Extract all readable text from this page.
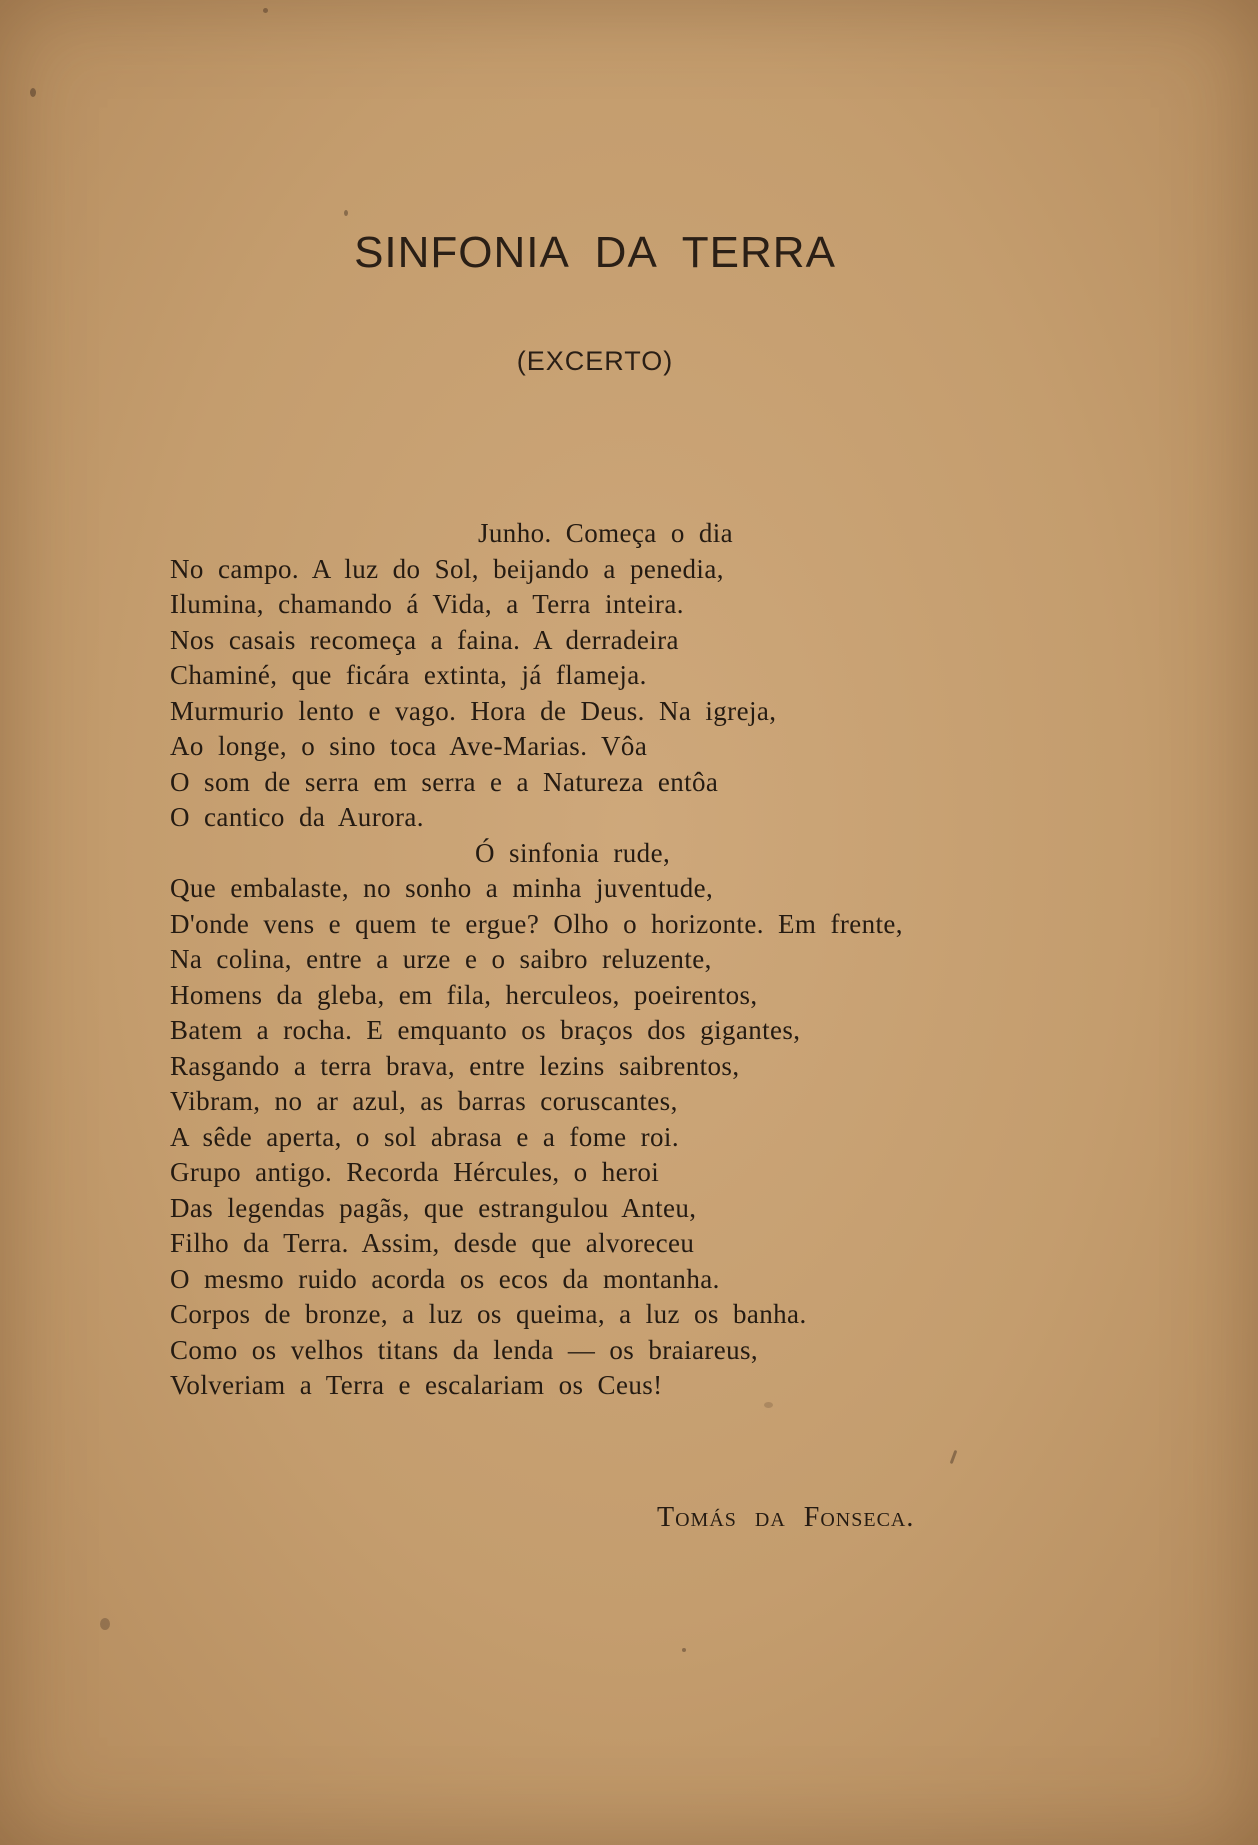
SINFONIA DA TERRA
(EXCERTO)
Junho. Começa o dia
No campo. A luz do Sol, beijando a penedia,
Ilumina, chamando á Vida, a Terra inteira.
Nos casais recomeça a faina. A derradeira
Chaminé, que ficára extinta, já flameja.
Murmurio lento e vago. Hora de Deus. Na igreja,
Ao longe, o sino toca Ave-Marias. Vôa
O som de serra em serra e a Natureza entôa
O cantico da Aurora.
Ó sinfonia rude,
Que embalaste, no sonho a minha juventude,
D'onde vens e quem te ergue? Olho o horizonte. Em frente,
Na colina, entre a urze e o saibro reluzente,
Homens da gleba, em fila, herculeos, poeirentos,
Batem a rocha. E emquanto os braços dos gigantes,
Rasgando a terra brava, entre lezins saibrentos,
Vibram, no ar azul, as barras coruscantes,
A sêde aperta, o sol abrasa e a fome roi.
Grupo antigo. Recorda Hércules, o heroi
Das legendas pagãs, que estrangulou Anteu,
Filho da Terra. Assim, desde que alvoreceu
O mesmo ruido acorda os ecos da montanha.
Corpos de bronze, a luz os queima, a luz os banha.
Como os velhos titans da lenda — os braiareus,
Volveriam a Terra e escalariam os Ceus!
Tomás da Fonseca.
